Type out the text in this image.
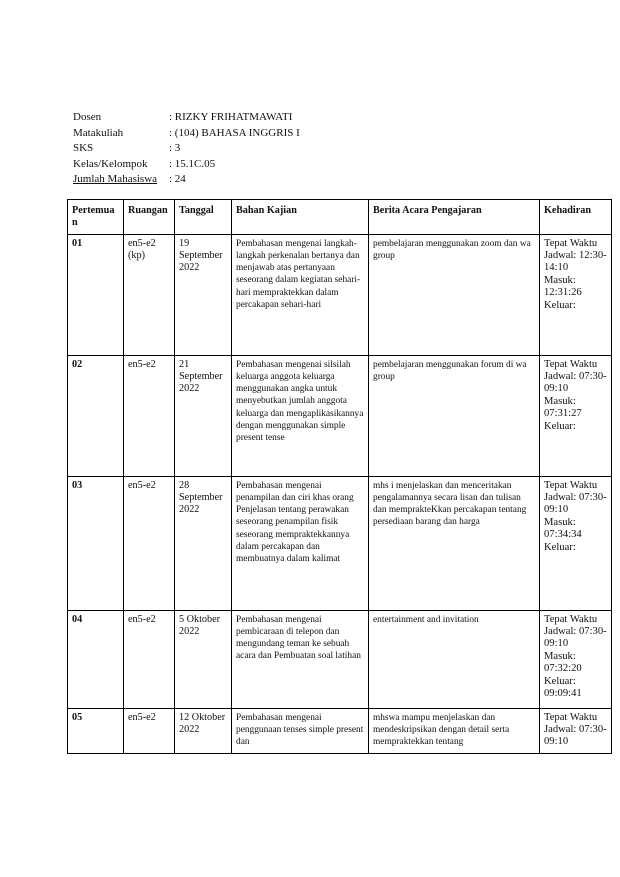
Dosen	: RIZKY FRIHATMAWATI
Matakuliah	: (104) BAHASA INGGRIS I
SKS	: 3
Kelas/Kelompok	: 15.1C.05
Jumlah Mahasiswa	: 24
Pertemuan	Ruangan	Tanggal	Bahan Kajian	Berita Acara Pengajaran	Kehadiran
01	en5-e2 (kp)	19 September 2022	Pembahasan mengenai langkah-langkah perkenalan bertanya dan menjawab atas pertanyaan seseorang dalam kegiatan sehari-hari mempraktekkan dalam percakapan sehari-hari	pembelajaran menggunakan zoom dan wa group	Tepat Waktu
Jadwal: 12:30-14:10
Masuk: 12:31:26
Keluar:

02	en5-e2	21 September 2022	Pembahasan mengenai silsilah keluarga anggota keluarga menggunakan angka untuk menyebutkan jumlah anggota keluarga dan mengaplikasikannya dengan menggunakan simple present tense	pembelajaran menggunakan forum di wa group	Tepat Waktu
Jadwal: 07:30-09:10
Masuk: 07:31:27
Keluar:

03	en5-e2	28 September 2022	Pembahasan mengenai penampilan dan ciri khas orang Penjelasan tentang perawakan seseorang penampilan fisik seseorang mempraktekkannya dalam percakapan dan membuatnya dalam kalimat	mhs i menjelaskan dan menceritakan pengalamannya secara lisan dan tulisan dan memprakteKkan percakapan tentang persediaan barang dan harga	Tepat Waktu
Jadwal: 07:30-09:10
Masuk: 07:34:34
Keluar:

04	en5-e2	5 Oktober 2022	Pembahasan mengenai pembicaraan di telepon dan mengundang teman ke sebuah acara dan Pembuatan soal latihan	entertainment and invitation	Tepat Waktu
Jadwal: 07:30-09:10
Masuk: 07:32:20
Keluar: 09:09:41

05	en5-e2	12 Oktober 2022	Pembahasan mengenai penggunaan tenses simple present dan	mhswa mampu menjelaskan dan mendeskripsikan dengan detail serta mempraktekkan tentang	Tepat Waktu
Jadwal: 07:30-09:10
